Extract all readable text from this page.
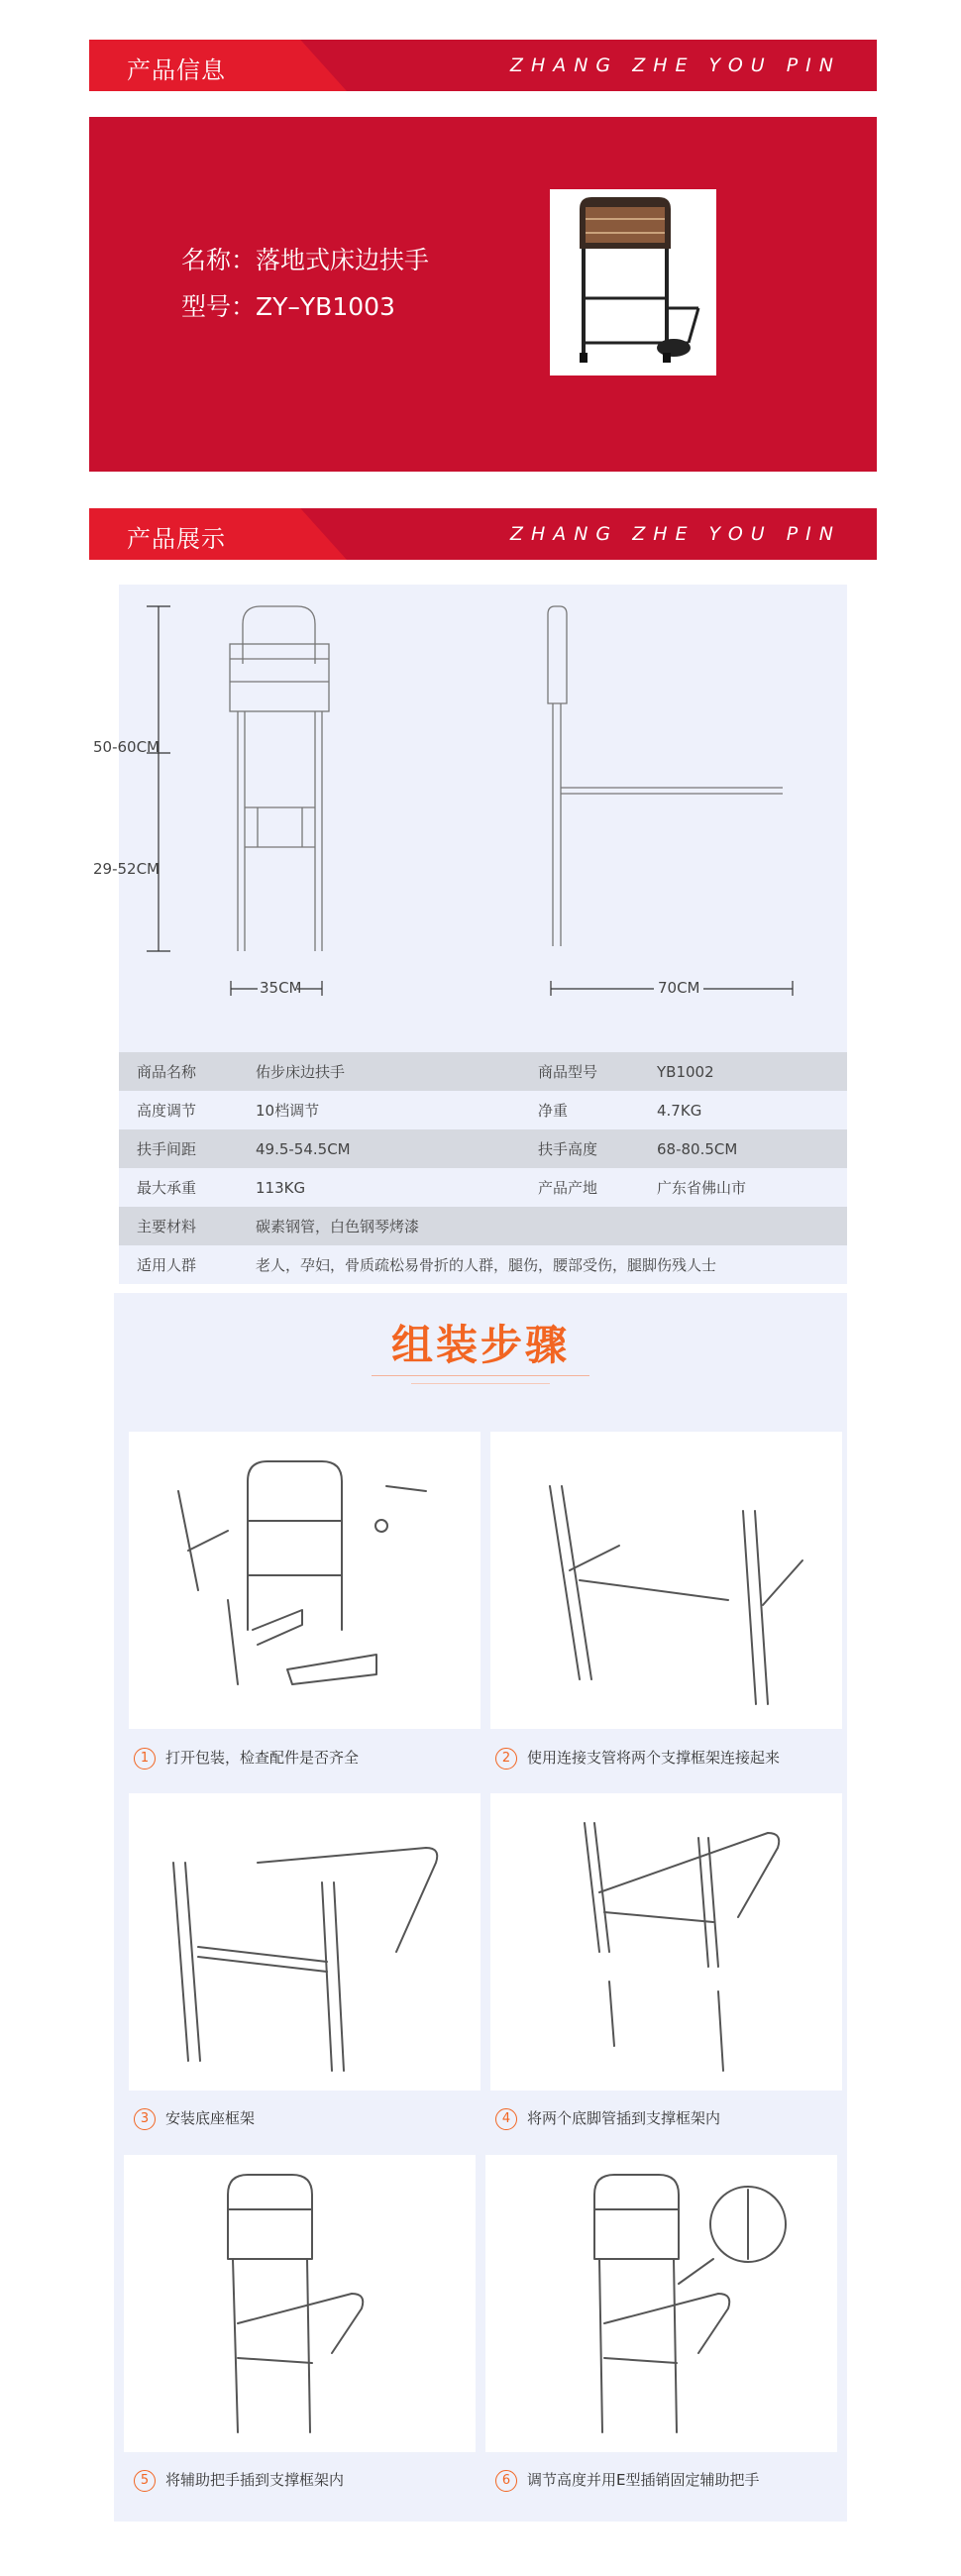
产品信息	ZHANG ZHE YOU PIN
名称：落地式床边扶手
型号：ZY–YB1003
产品展示	ZHANG ZHE YOU PIN
50-60CM
29-52CM
35CM	70CM
商品名称	佑步床边扶手	商品型号	YB1002
高度调节	10档调节	净重	4.7KG
扶手间距	49.5-54.5CM	扶手高度	68-80.5CM
最大承重	113KG	产品产地	广东省佛山市
主要材料	碳素钢管，白色钢琴烤漆		
适用人群	老人，孕妇，骨质疏松易骨折的人群，腿伤，腰部受伤，腿脚伤残人士		
组装步骤
1 打开包装，检查配件是否齐全	2 使用连接支管将两个支撑框架连接起来
3 安装底座框架	4 将两个底脚管插到支撑框架内
5 将辅助把手插到支撑框架内	6 调节高度并用E型插销固定辅助把手
